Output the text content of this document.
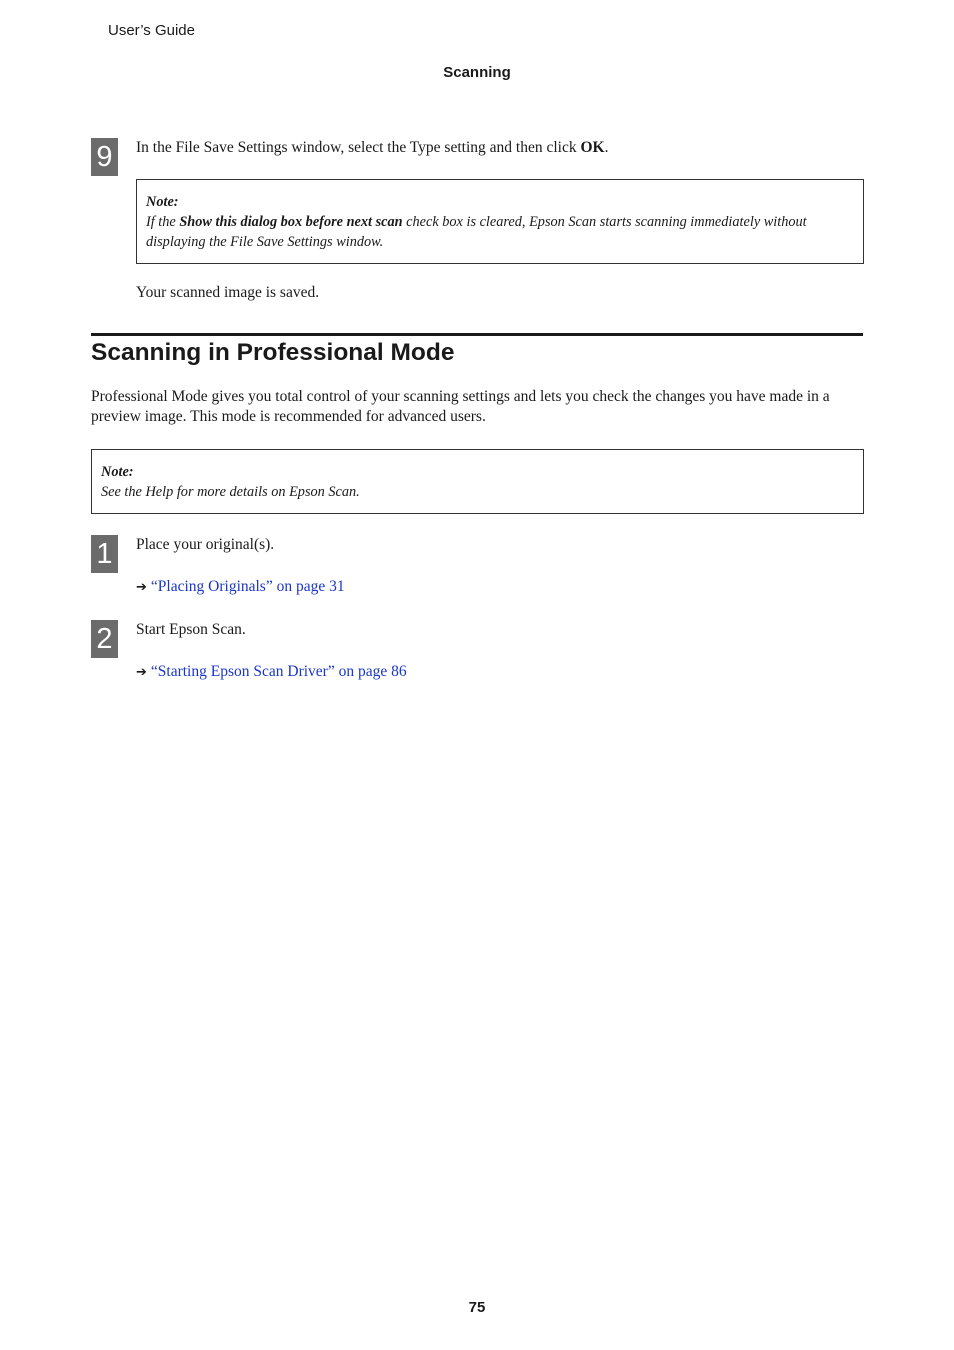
User’s Guide
Scanning
9	In the File Save Settings window, select the Type setting and then click OK.
Note:
If the Show this dialog box before next scan check box is cleared, Epson Scan starts scanning immediately without displaying the File Save Settings window.
Your scanned image is saved.
Scanning in Professional Mode
Professional Mode gives you total control of your scanning settings and lets you check the changes you have made in a preview image. This mode is recommended for advanced users.
Note:
See the Help for more details on Epson Scan.
1	Place your original(s).
➔ “Placing Originals” on page 31
2	Start Epson Scan.
➔ “Starting Epson Scan Driver” on page 86
75
